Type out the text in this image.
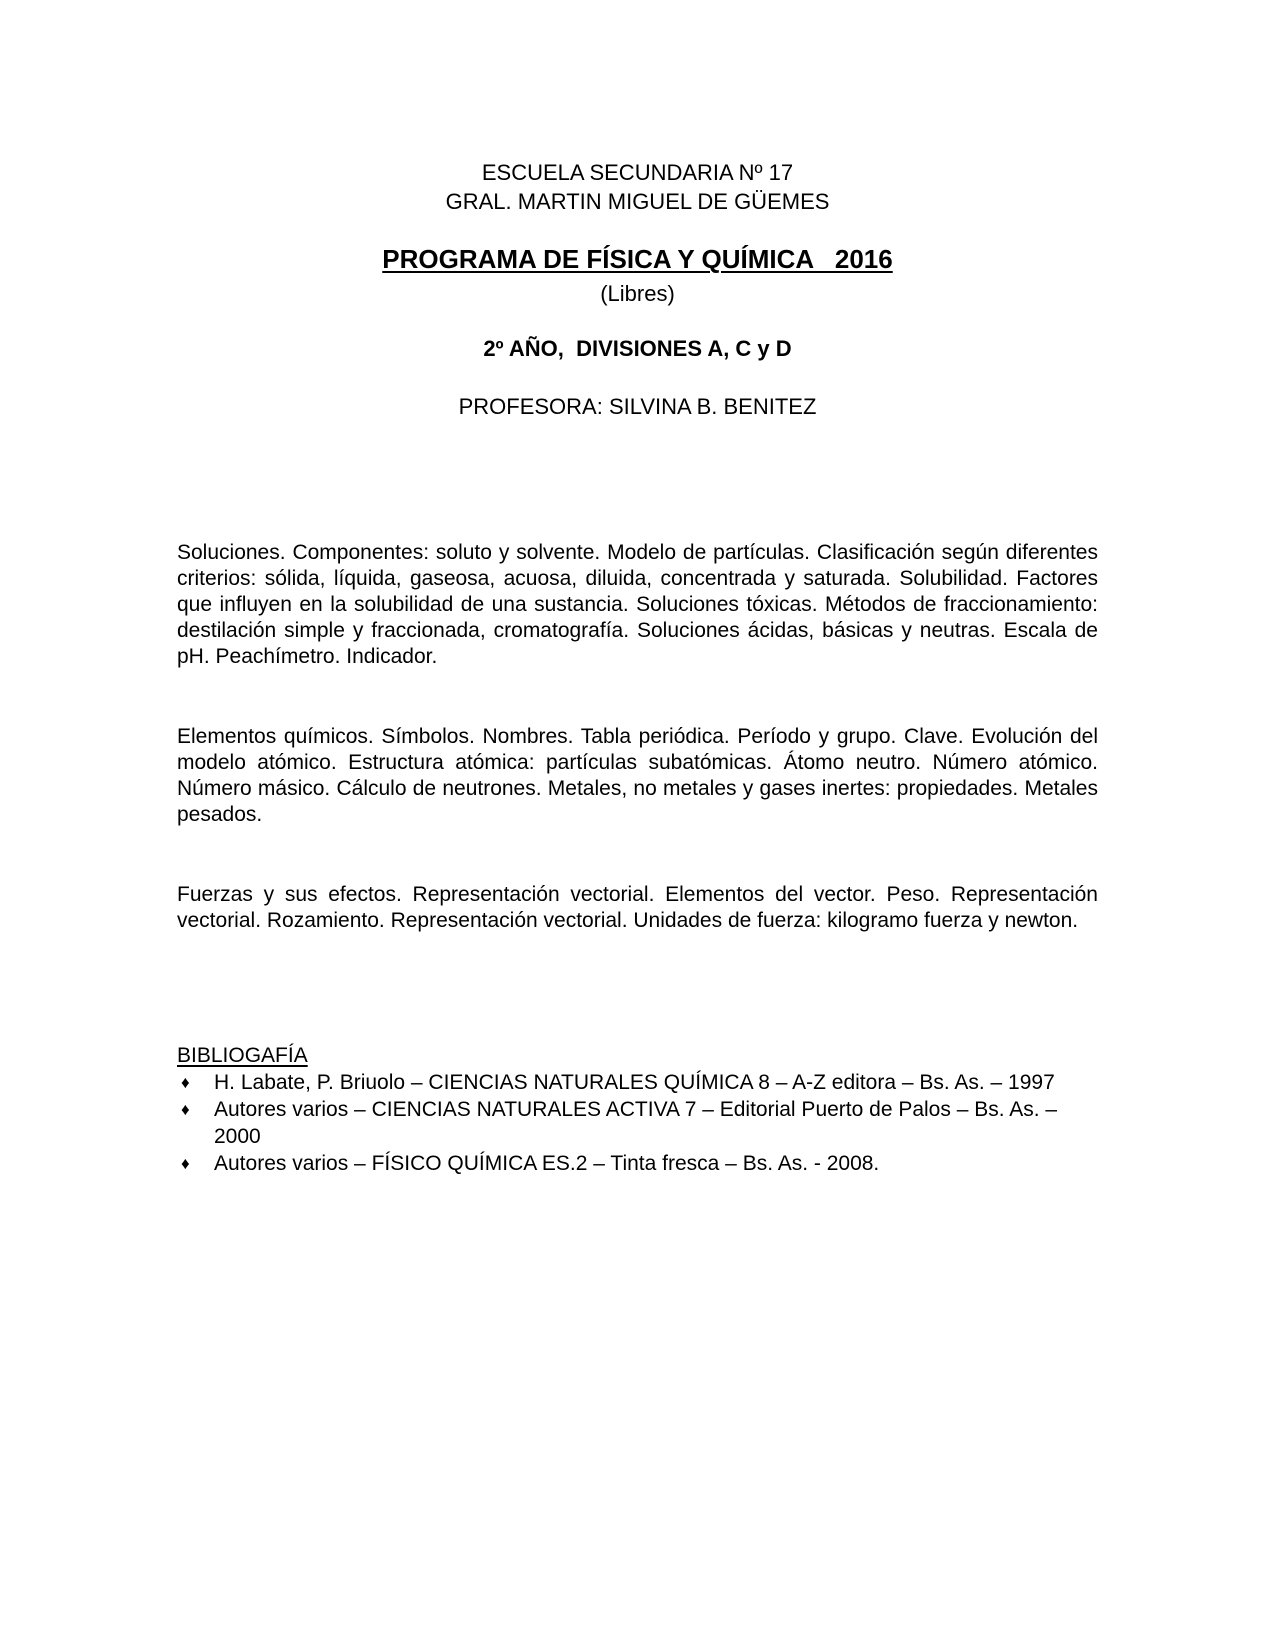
ESCUELA SECUNDARIA Nº 17
GRAL. MARTIN MIGUEL DE GÜEMES
PROGRAMA DE FÍSICA Y QUÍMICA   2016
(Libres)
2º AÑO,  DIVISIONES A, C y D
PROFESORA: SILVINA B. BENITEZ

Soluciones. Componentes: soluto y solvente. Modelo de partículas. Clasificación según diferentes criterios: sólida, líquida, gaseosa, acuosa, diluida, concentrada y saturada. Solubilidad. Factores que influyen en la solubilidad de una sustancia. Soluciones tóxicas. Métodos de fraccionamiento: destilación simple y fraccionada, cromatografía. Soluciones ácidas, básicas y neutras. Escala de pH. Peachímetro. Indicador.

Elementos químicos. Símbolos. Nombres. Tabla periódica. Período y grupo. Clave. Evolución del modelo atómico. Estructura atómica: partículas subatómicas. Átomo neutro. Número atómico. Número másico. Cálculo de neutrones. Metales, no metales y gases inertes: propiedades. Metales pesados.

Fuerzas y sus efectos. Representación vectorial. Elementos del vector. Peso. Representación vectorial. Rozamiento. Representación vectorial. Unidades de fuerza: kilogramo fuerza y newton.

BIBLIOGAFÍA
♦ H. Labate, P. Briuolo – CIENCIAS NATURALES QUÍMICA 8 – A-Z editora – Bs. As. – 1997
♦ Autores varios – CIENCIAS NATURALES ACTIVA 7 – Editorial Puerto de Palos – Bs. As. – 2000
♦ Autores varios – FÍSICO QUÍMICA ES.2 – Tinta fresca – Bs. As. - 2008.
